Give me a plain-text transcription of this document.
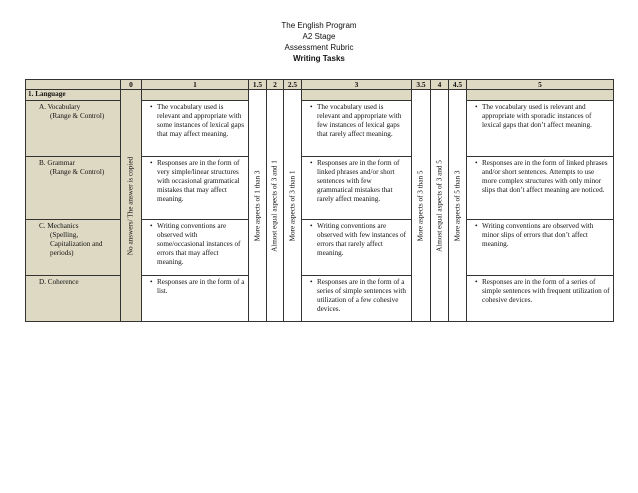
The English Program
A2 Stage
Assessment Rubric
Writing Tasks
	0	1	1.5	2	2.5	3	3.5	4	4.5	5
1. Language	No answers/ The answer is copied		More aspects of 1 than 3	Almost equal aspects of 3 and 1	More aspects of 3 than 1		More aspects of 3 than 5	Almost equal aspects of 3 and 5	More aspects of 5 than 3	

A. Vocabulary
(Range & Control)		• The vocabulary used is relevant and appropriate with some instances of lexical gaps that may affect meaning.				• The vocabulary used is relevant and appropriate with few instances of lexical gaps that rarely affect meaning.				• The vocabulary used is relevant and appropriate with sporadic instances of lexical gaps that don’t affect meaning.

B. Grammar
(Range & Control)		• Responses are in the form of very simple/linear structures with occasional grammatical mistakes that may affect meaning.				• Responses are in the form of linked phrases and/or short sentences with few grammatical mistakes that rarely affect meaning.				• Responses are in the form of linked phrases and/or short sentences. Attempts to use more complex structures with only minor slips that don’t affect meaning are noticed.

C. Mechanics
(Spelling, Capitalization and periods)		• Writing conventions are observed with some/occasional instances of errors that may affect meaning.				• Writing conventions are observed with few instances of errors that rarely affect meaning.				• Writing conventions are observed with minor slips of errors that don’t affect meaning.

D. Coherence		• Responses are in the form of a list.				• Responses are in the form of a series of simple sentences with utilization of a few cohesive devices.				• Responses are in the form of a series of simple sentences with frequent utilization of cohesive devices.
